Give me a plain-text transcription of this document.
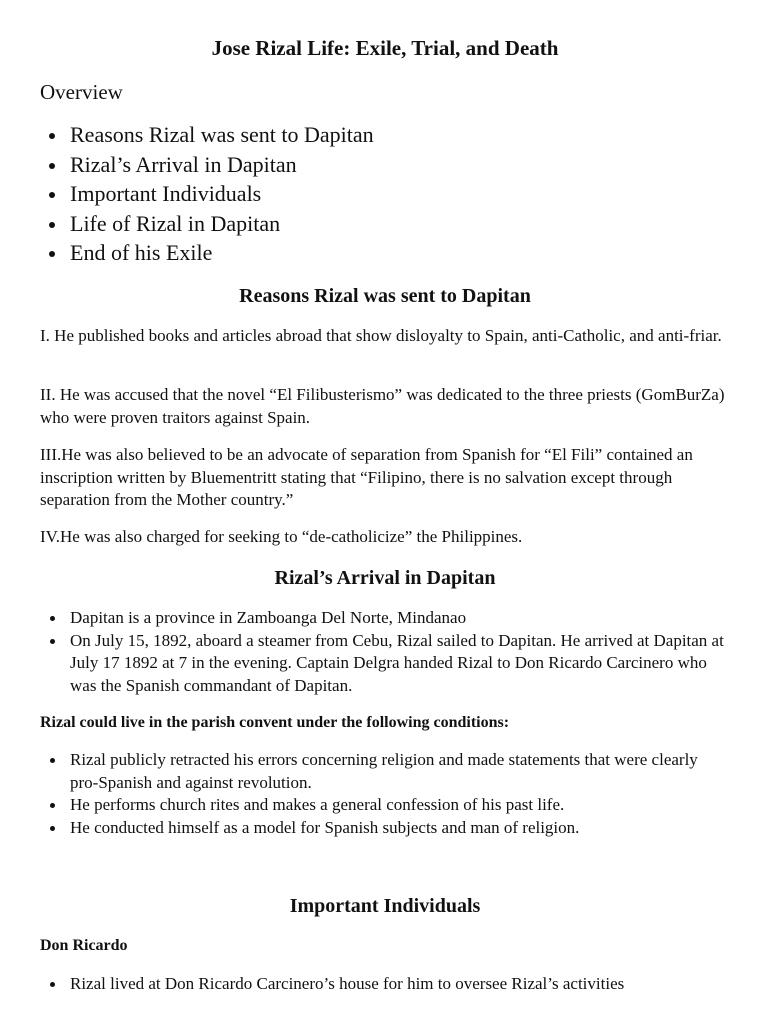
Jose Rizal Life: Exile, Trial, and Death
Overview
Reasons Rizal was sent to Dapitan
Rizal’s Arrival in Dapitan
Important Individuals
Life of Rizal in Dapitan
End of his Exile
Reasons Rizal was sent to Dapitan

I. He published books and articles abroad that show disloyalty to Spain, anti-Catholic, and anti-friar.

II. He was accused that the novel “El Filibusterismo” was dedicated to the three priests (GomBurZa) who were proven traitors against Spain.

III.He was also believed to be an advocate of separation from Spanish for “El Fili” contained an inscription written by Bluementritt stating that “Filipino, there is no salvation except through separation from the Mother country.”

IV.He was also charged for seeking to “de-catholicize” the Philippines.

Rizal’s Arrival in Dapitan
Dapitan is a province in Zamboanga Del Norte, Mindanao
On July 15, 1892, aboard a steamer from Cebu, Rizal sailed to Dapitan. He arrived at Dapitan at July 17 1892 at 7 in the evening. Captain Delgra handed Rizal to Don Ricardo Carcinero who was the Spanish commandant of Dapitan.
Rizal could live in the parish convent under the following conditions:
Rizal publicly retracted his errors concerning religion and made statements that were clearly pro-Spanish and against revolution.
He performs church rites and makes a general confession of his past life.
He conducted himself as a model for Spanish subjects and man of religion.
Important Individuals
Don Ricardo
Rizal lived at Don Ricardo Carcinero’s house for him to oversee Rizal’s activities
